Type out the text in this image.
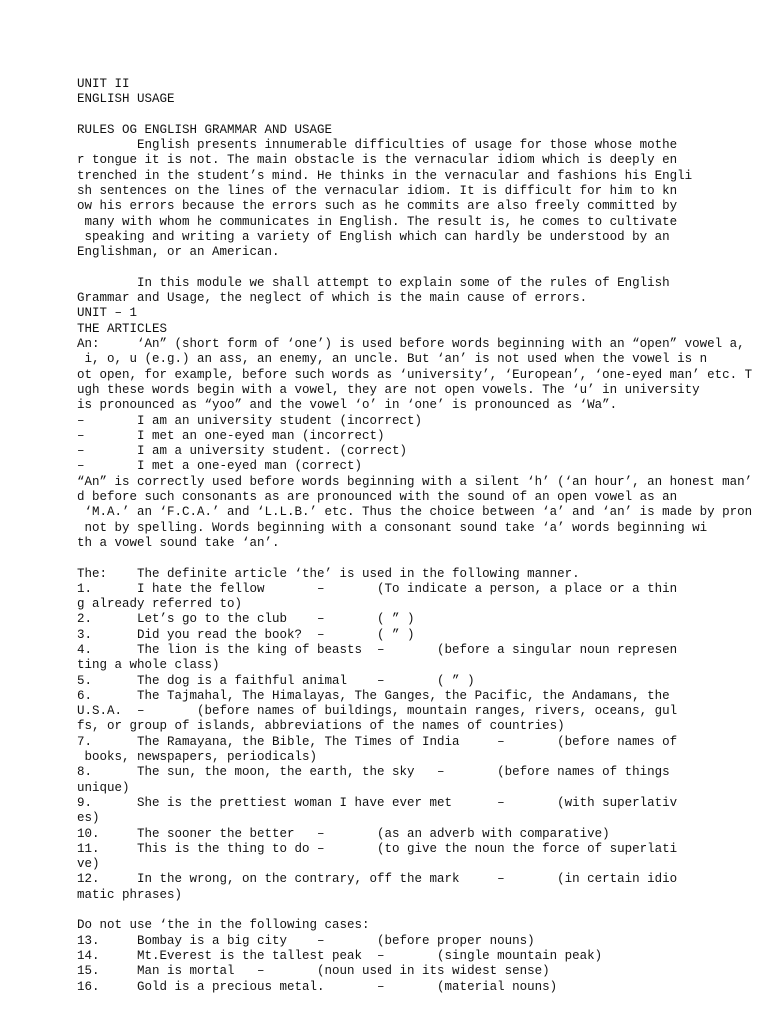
UNIT II
ENGLISH USAGE
RULES OG ENGLISH GRAMMAR AND USAGE
English presents innumerable difficulties of usage for those whose mothe
r tongue it is not. The main obstacle is the vernacular idiom which is deeply en
trenched in the student’s mind. He thinks in the vernacular and fashions his Engli
sh sentences on the lines of the vernacular idiom. It is difficult for him to kn
ow his errors because the errors such as he commits are also freely committed by
many with whom he communicates in English. The result is, he comes to cultivate
speaking and writing a variety of English which can hardly be understood by an
Englishman, or an American.
In this module we shall attempt to explain some of the rules of English
Grammar and Usage, the neglect of which is the main cause of errors.
UNIT – 1
THE ARTICLES
An:     ‘An” (short form of ‘one’) is used before words beginning with an “open” vowel a,
i, o, u (e.g.) an ass, an enemy, an uncle. But ‘an’ is not used when the vowel is n
ot open, for example, before such words as ‘university’, ‘European’, ‘one-eyed man’ etc. T
ugh these words begin with a vowel, they are not open vowels. The ‘u’ in university
is pronounced as “yoo” and the vowel ‘o’ in ‘one’ is pronounced as ‘Wa”.
–       I am an university student (incorrect)
–       I met an one-eyed man (incorrect)
–       I am a university student. (correct)
–       I met a one-eyed man (correct)
“An” is correctly used before words beginning with a silent ‘h’ (‘an hour’, an honest man’
d before such consonants as are pronounced with the sound of an open vowel as an
‘M.A.’ an ‘F.C.A.’ and ‘L.L.B.’ etc. Thus the choice between ‘a’ and ‘an’ is made by pron
not by spelling. Words beginning with a consonant sound take ‘a’ words beginning wi
th a vowel sound take ‘an’.
The:    The definite article ‘the’ is used in the following manner.
1.      I hate the fellow       –       (To indicate a person, a place or a thin
g already referred to)
2.      Let’s go to the club    –       ( ” )
3.      Did you read the book?  –       ( ” )
4.      The lion is the king of beasts  –       (before a singular noun represen
ting a whole class)
5.      The dog is a faithful animal    –       ( ” )
6.      The Tajmahal, The Himalayas, The Ganges, the Pacific, the Andamans, the
U.S.A.  –       (before names of buildings, mountain ranges, rivers, oceans, gul
fs, or group of islands, abbreviations of the names of countries)
7.      The Ramayana, the Bible, The Times of India     –       (before names of
books, newspapers, periodicals)
8.      The sun, the moon, the earth, the sky   –       (before names of things
unique)
9.      She is the prettiest woman I have ever met      –       (with superlativ
es)
10.     The sooner the better   –       (as an adverb with comparative)
11.     This is the thing to do –       (to give the noun the force of superlati
ve)
12.     In the wrong, on the contrary, off the mark     –       (in certain idio
matic phrases)
Do not use ‘the in the following cases:
13.     Bombay is a big city    –       (before proper nouns)
14.     Mt.Everest is the tallest peak  –       (single mountain peak)
15.     Man is mortal   –       (noun used in its widest sense)
16.     Gold is a precious metal.       –       (material nouns)
